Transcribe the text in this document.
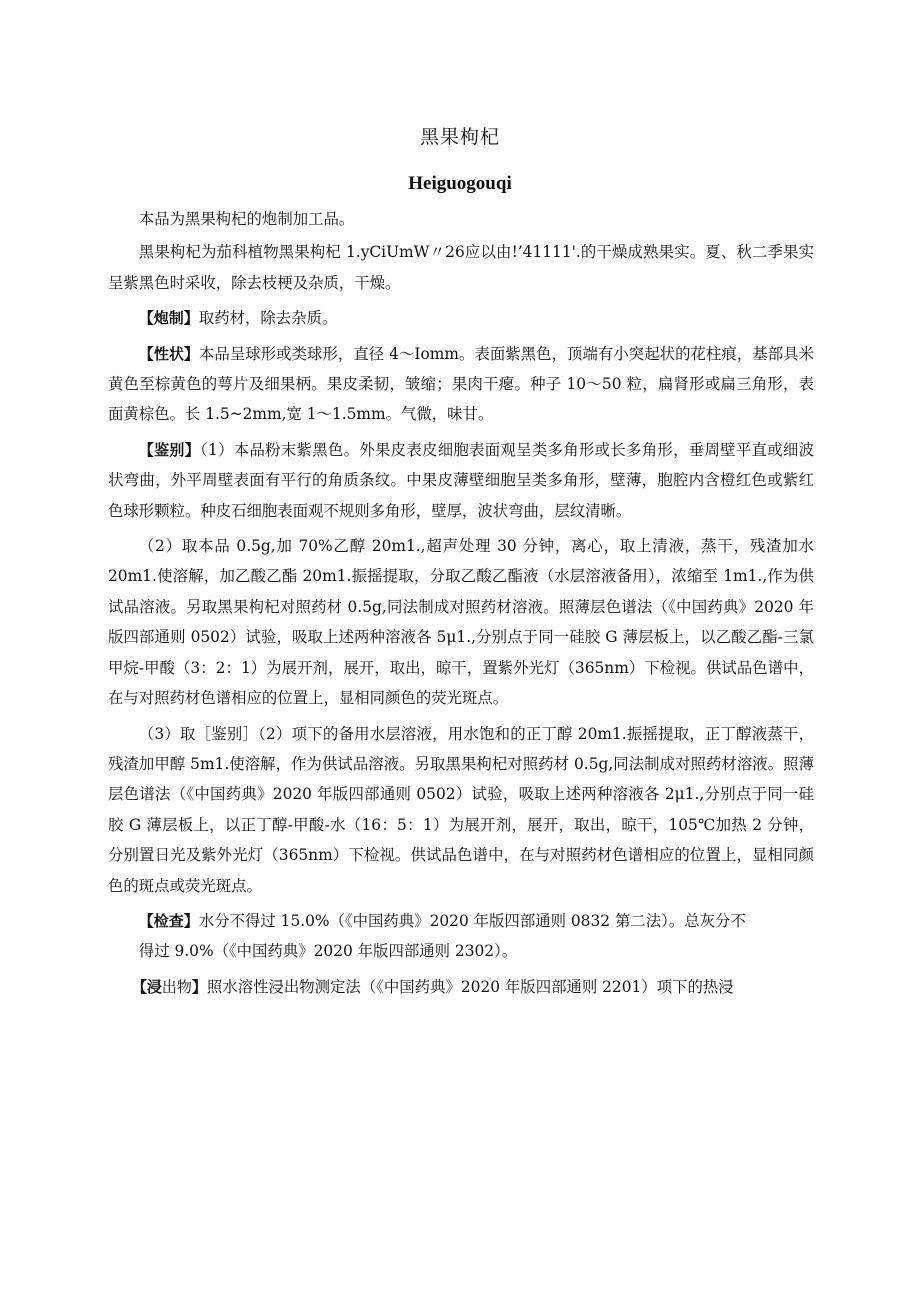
黑果枸杞
Heiguogouqi

本品为黑果枸杞的炮制加工品。

黑果枸杞为茄科植物黑果枸杞 1.yCiUmW〃26应以由!’41111'.的干燥成熟果实。夏、秋二季果实呈紫黑色时采收，除去枝梗及杂质，干燥。

【炮制】取药材，除去杂质。

【性状】本品呈球形或类球形，直径 4～Iomm。表面紫黑色，顶端有小突起状的花柱痕，基部具米黄色至棕黄色的萼片及细果柄。果皮柔韧，皱缩；果肉干瘪。种子 10～50 粒，扁肾形或扁三角形，表面黄棕色。长 1.5~2mm,宽 1～1.5mm。气微，味甘。

【鉴别】（1）本品粉末紫黑色。外果皮表皮细胞表面观呈类多角形或长多角形，垂周壁平直或细波状弯曲，外平周壁表面有平行的角质条纹。中果皮薄壁细胞呈类多角形，壁薄，胞腔内含橙红色或紫红色球形颗粒。种皮石细胞表面观不规则多角形，壁厚，波状弯曲，层纹清晰。

（2）取本品 0.5g,加 70%乙醇 20m1.,超声处理 30 分钟，离心，取上清液，蒸干，残渣加水 20m1.使溶解，加乙酸乙酯 20m1.振摇提取，分取乙酸乙酯液（水层溶液备用），浓缩至 1m1.,作为供试品溶液。另取黑果枸杞对照药材 0.5g,同法制成对照药材溶液。照薄层色谱法（《中国药典》2020 年版四部通则 0502）试验，吸取上述两种溶液各 5μ1.,分别点于同一硅胶 G 薄层板上，以乙酸乙酯-三氯甲烷-甲酸（3：2：1）为展开剂，展开，取出，晾干，置紫外光灯（365nm）下检视。供试品色谱中，在与对照药材色谱相应的位置上，显相同颜色的荧光斑点。

（3）取［鉴别］（2）项下的备用水层溶液，用水饱和的正丁醇 20m1.振摇提取，正丁醇液蒸干，残渣加甲醇 5m1.使溶解，作为供试品溶液。另取黑果枸杞对照药材 0.5g,同法制成对照药材溶液。照薄层色谱法（《中国药典》2020 年版四部通则 0502）试验，吸取上述两种溶液各 2μ1.,分别点于同一硅胶 G 薄层板上，以正丁醇-甲酸-水（16：5：1）为展开剂，展开，取出，晾干，105℃加热 2 分钟，分别置日光及紫外光灯（365nm）下检视。供试品色谱中，在与对照药材色谱相应的位置上，显相同颜色的斑点或荧光斑点。

【检查】水分不得过 15.0%（《中国药典》2020 年版四部通则 0832 第二法）。总灰分不

得过 9.0%（《中国药典》2020 年版四部通则 2302）。

【浸出物】照水溶性浸出物测定法（《中国药典》2020 年版四部通则 2201）项下的热浸
